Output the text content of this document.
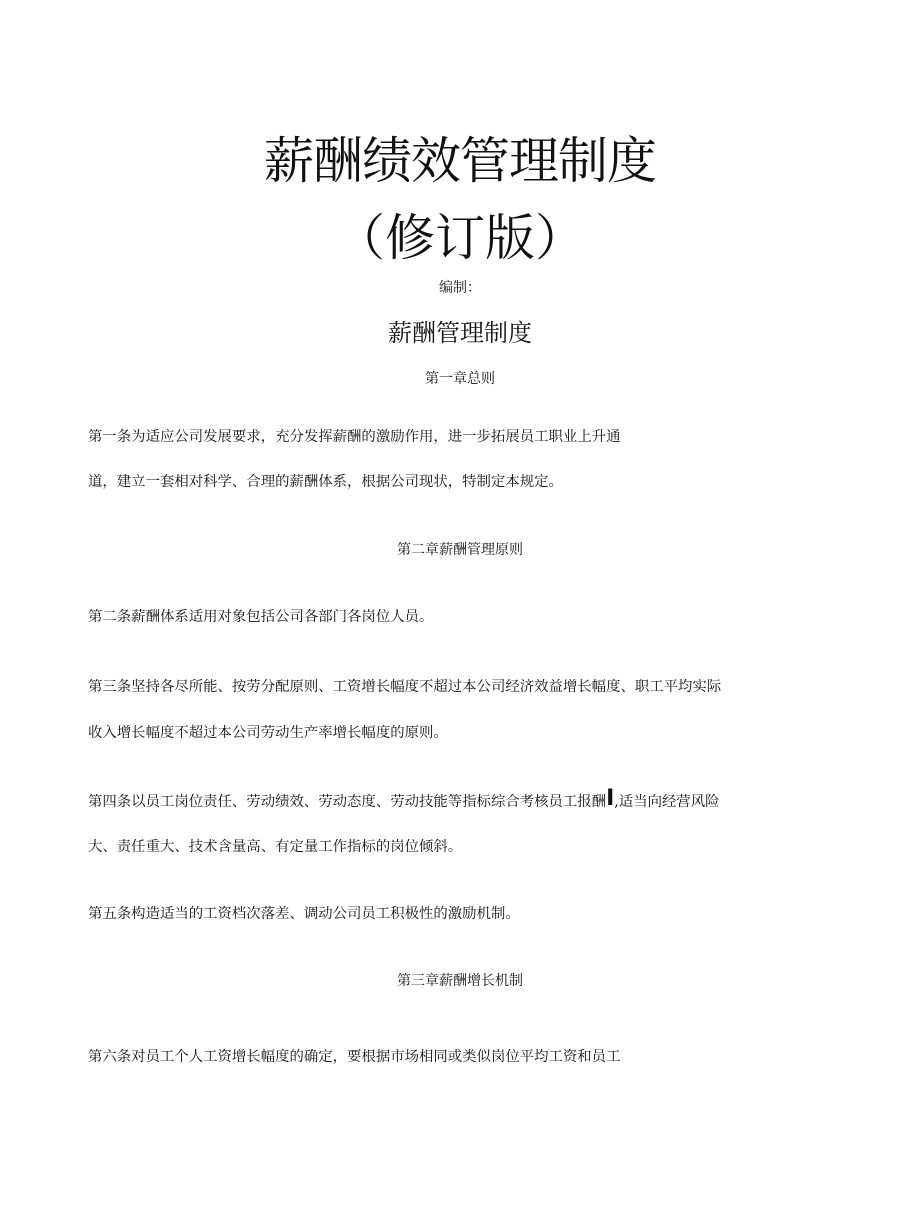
薪酬绩效管理制度
（修订版）
编制：
薪酬管理制度
第一章总则
第一条为适应公司发展要求，充分发挥薪酬的激励作用，进一步拓展员工职业上升通
道，建立一套相对科学、合理的薪酬体系，根据公司现状，特制定本规定。
第二章薪酬管理原则
第二条薪酬体系适用对象包括公司各部门各岗位人员。
第三条坚持各尽所能、按劳分配原则、工资增长幅度不超过本公司经济效益增长幅度、职工平均实际
收入增长幅度不超过本公司劳动生产率增长幅度的原则。
第四条以员工岗位责任、劳动绩效、劳动态度、劳动技能等指标综合考核员工报酬I,适当向经营风险
大、责任重大、技术含量高、有定量工作指标的岗位倾斜。
第五条构造适当的工资档次落差、调动公司员工积极性的激励机制。
第三章薪酬增长机制
第六条对员工个人工资增长幅度的确定，要根据市场相同或类似岗位平均工资和员工
